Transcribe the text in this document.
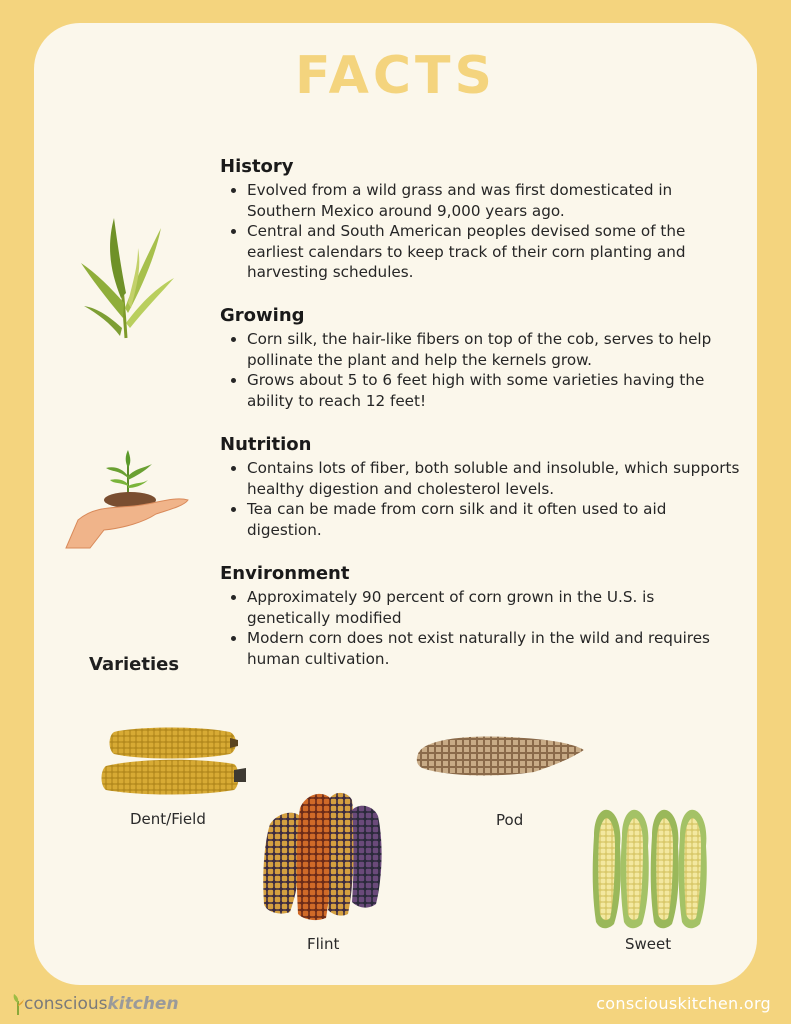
FACTS
History
• Evolved from a wild grass and was first domesticated in Southern Mexico around 9,000 years ago.
• Central and South American peoples devised some of the earliest calendars to keep track of their corn planting and harvesting schedules.
Growing
• Corn silk, the hair-like fibers on top of the cob, serves to help pollinate the plant and help the kernels grow.
• Grows about 5 to 6 feet high with some varieties having the ability to reach 12 feet!
Nutrition
• Contains lots of fiber, both soluble and insoluble, which supports healthy digestion and cholesterol levels.
• Tea can be made from corn silk and it often used to aid digestion.
Environment
• Approximately 90 percent of corn grown in the U.S. is genetically modified
• Modern corn does not exist naturally in the wild and requires human cultivation.
Varieties
Dent/Field	Pod
Flint	Sweet
conscious kitchen	consciouskitchen.org
